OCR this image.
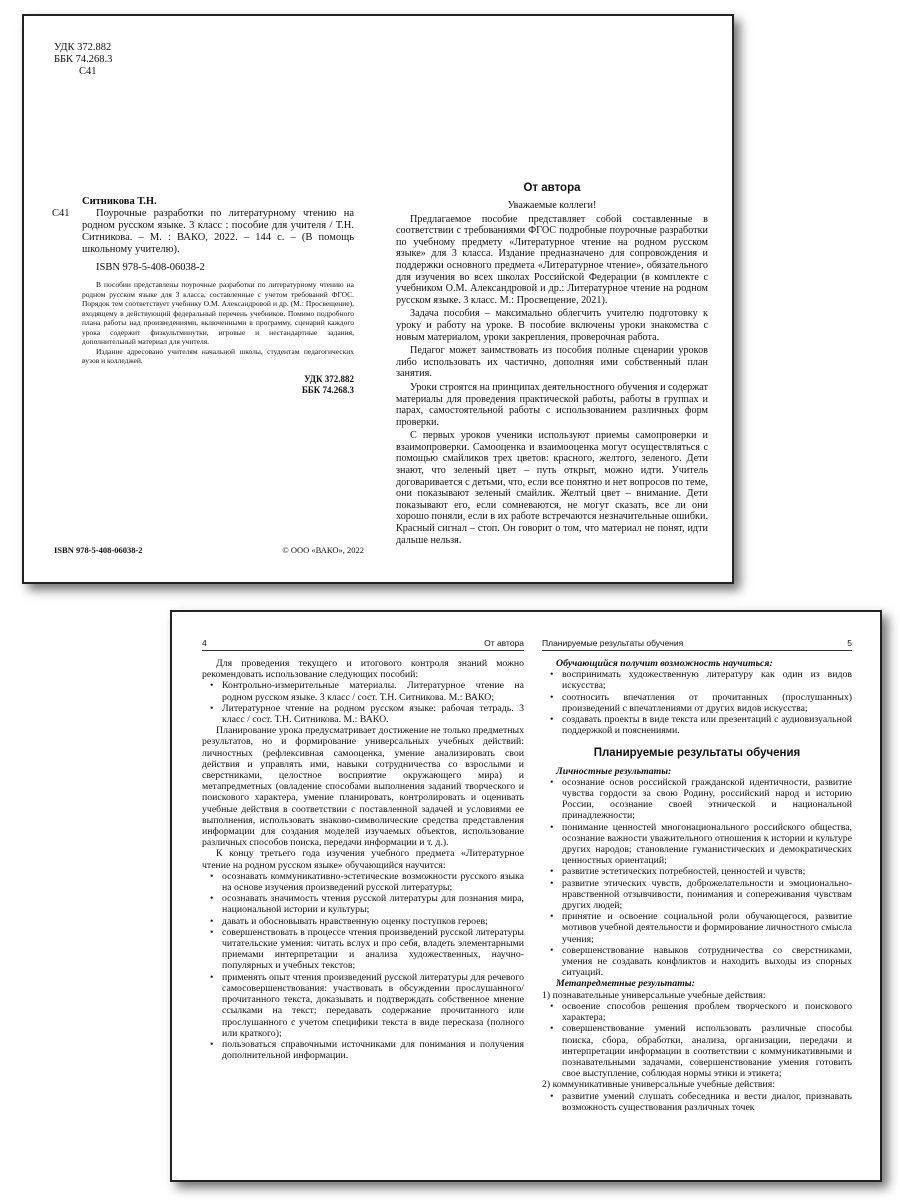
УДК 372.882
ББК 74.268.3
С41
Ситникова Т.Н.
С41	Поурочные разработки по литературному чтению на родном русском языке. 3 класс : пособие для учителя / Т.Н. Ситникова. – М. : ВАКО, 2022. – 144 с. – (В помощь школьному учителю).

ISBN 978-5-408-06038-2

В пособии представлены поурочные разработки по литературному чтению на родном русском языке для 3 класса, составленные с учетом требований ФГОС. Порядок тем соответствует учебнику О.М. Александровой и др. (М.: Просвещение), входящему в действующий федеральный перечень учебников. Помимо подробного плана работы над произведениями, включенными в программу, сценарий каждого урока содержит физкультминутки, игровые и нестандартные задания, дополнительный материал для учителя.

Издание адресовано учителям начальной школы, студентам педагогических вузов и колледжей.

УДК 372.882
ББК 74.268.3
ISBN 978-5-408-06038-2	© ООО «ВАКО», 2022
От автора
Уважаемые коллеги!

Предлагаемое пособие представляет собой составленные в соответствии с требованиями ФГОС подробные поурочные разработки по учебному предмету «Литературное чтение на родном русском языке» для 3 класса. Издание предназначено для сопровождения и поддержки основного предмета «Литературное чтение», обязательного для изучения во всех школах Российской Федерации (в комплекте с учебником О.М. Александровой и др.: Литературное чтение на родном русском языке. 3 класс. М.: Просвещение, 2021).

Задача пособия – максимально облегчить учителю подготовку к уроку и работу на уроке. В пособие включены уроки знакомства с новым материалом, уроки закрепления, проверочная работа.

Педагог может заимствовать из пособия полные сценарии уроков либо использовать их частично, дополняя ими собственный план занятия.

Уроки строятся на принципах деятельностного обучения и содержат материалы для проведения практической работы, работы в группах и парах, самостоятельной работы с использованием различных форм проверки.

С первых уроков ученики используют приемы самопроверки и взаимопроверки. Самооценка и взаимооценка могут осуществляться с помощью смайликов трех цветов: красного, желтого, зеленого. Дети знают, что зеленый цвет – путь открыт, можно идти. Учитель договаривается с детьми, что, если все понятно и нет вопросов по теме, они показывают зеленый смайлик. Желтый цвет – внимание. Дети показывают его, если сомневаются, не могут сказать, все ли они хорошо поняли, если в их работе встречаются незначительные ошибки. Красный сигнал – стоп. Он говорит о том, что материал не понят, идти дальше нельзя.

4	От автора

Для проведения текущего и итогового контроля знаний можно рекомендовать использование следующих пособий:

• Контрольно-измерительные материалы. Литературное чтение на родном русском языке. 3 класс / сост. Т.Н. Ситникова. М.: ВАКО;
• Литературное чтение на родном русском языке: рабочая тетрадь. 3 класс / сост. Т.Н. Ситникова. М.: ВАКО.

Планирование урока предусматривает достижение не только предметных результатов, но и формирование универсальных учебных действий: личностных (рефлексивная самооценка, умение анализировать свои действия и управлять ими, навыки сотрудничества со взрослыми и сверстниками, целостное восприятие окружающего мира) и метапредметных (овладение способами выполнения заданий творческого и поискового характера, умение планировать, контролировать и оценивать учебные действия в соответствии с поставленной задачей и условиями ее выполнения, использовать знаково-символические средства представления информации для создания моделей изучаемых объектов, использование различных способов поиска, передачи информации и т. д.).

К концу третьего года изучения учебного предмета «Литературное чтение на родном русском языке» обучающийся научится:

• осознавать коммуникативно-эстетические возможности русского языка на основе изучения произведений русской литературы;
• осознавать значимость чтения русской литературы для познания мира, национальной истории и культуры;
• давать и обосновывать нравственную оценку поступков героев;
• совершенствовать в процессе чтения произведений русской литературы читательские умения: читать вслух и про себя, владеть элементарными приемами интерпретации и анализа художественных, научно-популярных и учебных текстов;
• применять опыт чтения произведений русской литературы для речевого самосовершенствования: участвовать в обсуждении прослушанного/прочитанного текста, доказывать и подтверждать собственное мнение ссылками на текст; передавать содержание прочитанного или прослушанного с учетом специфики текста в виде пересказа (полного или краткого);
• пользоваться справочными источниками для понимания и получения дополнительной информации.
Планируемые результаты обучения	5
Обучающийся получит возможность научиться:
• воспринимать художественную литературу как один из видов искусства;
• соотносить впечатления от прочитанных (прослушанных) произведений с впечатлениями от других видов искусства;
• создавать проекты в виде текста или презентаций с аудиовизуальной поддержкой и пояснениями.
Планируемые результаты обучения
Личностные результаты:
• осознание основ российской гражданской идентичности, развитие чувства гордости за свою Родину, российский народ и историю России, осознание своей этнической и национальной принадлежности;
• понимание ценностей многонационального российского общества, осознание важности уважительного отношения к истории и культуре других народов; становление гуманистических и демократических ценностных ориентаций;
• развитие эстетических потребностей, ценностей и чувств;
• развитие этических чувств, доброжелательности и эмоционально-нравственной отзывчивости, понимания и сопереживания чувствам других людей;
• принятие и освоение социальной роли обучающегося, развитие мотивов учебной деятельности и формирование личностного смысла учения;
• совершенствование навыков сотрудничества со сверстниками, умения не создавать конфликтов и находить выходы из спорных ситуаций.
Метапредметные результаты:
1) познавательные универсальные учебные действия:
• освоение способов решения проблем творческого и поискового характера;
• совершенствование умений использовать различные способы поиска, сбора, обработки, анализа, организации, передачи и интерпретации информации в соответствии с коммуникативными и познавательными задачами, совершенствование умения готовить свое выступление, соблюдая нормы этики и этикета;
2) коммуникативные универсальные учебные действия:
• развитие умений слушать собеседника и вести диалог, признавать возможность существования различных точек
